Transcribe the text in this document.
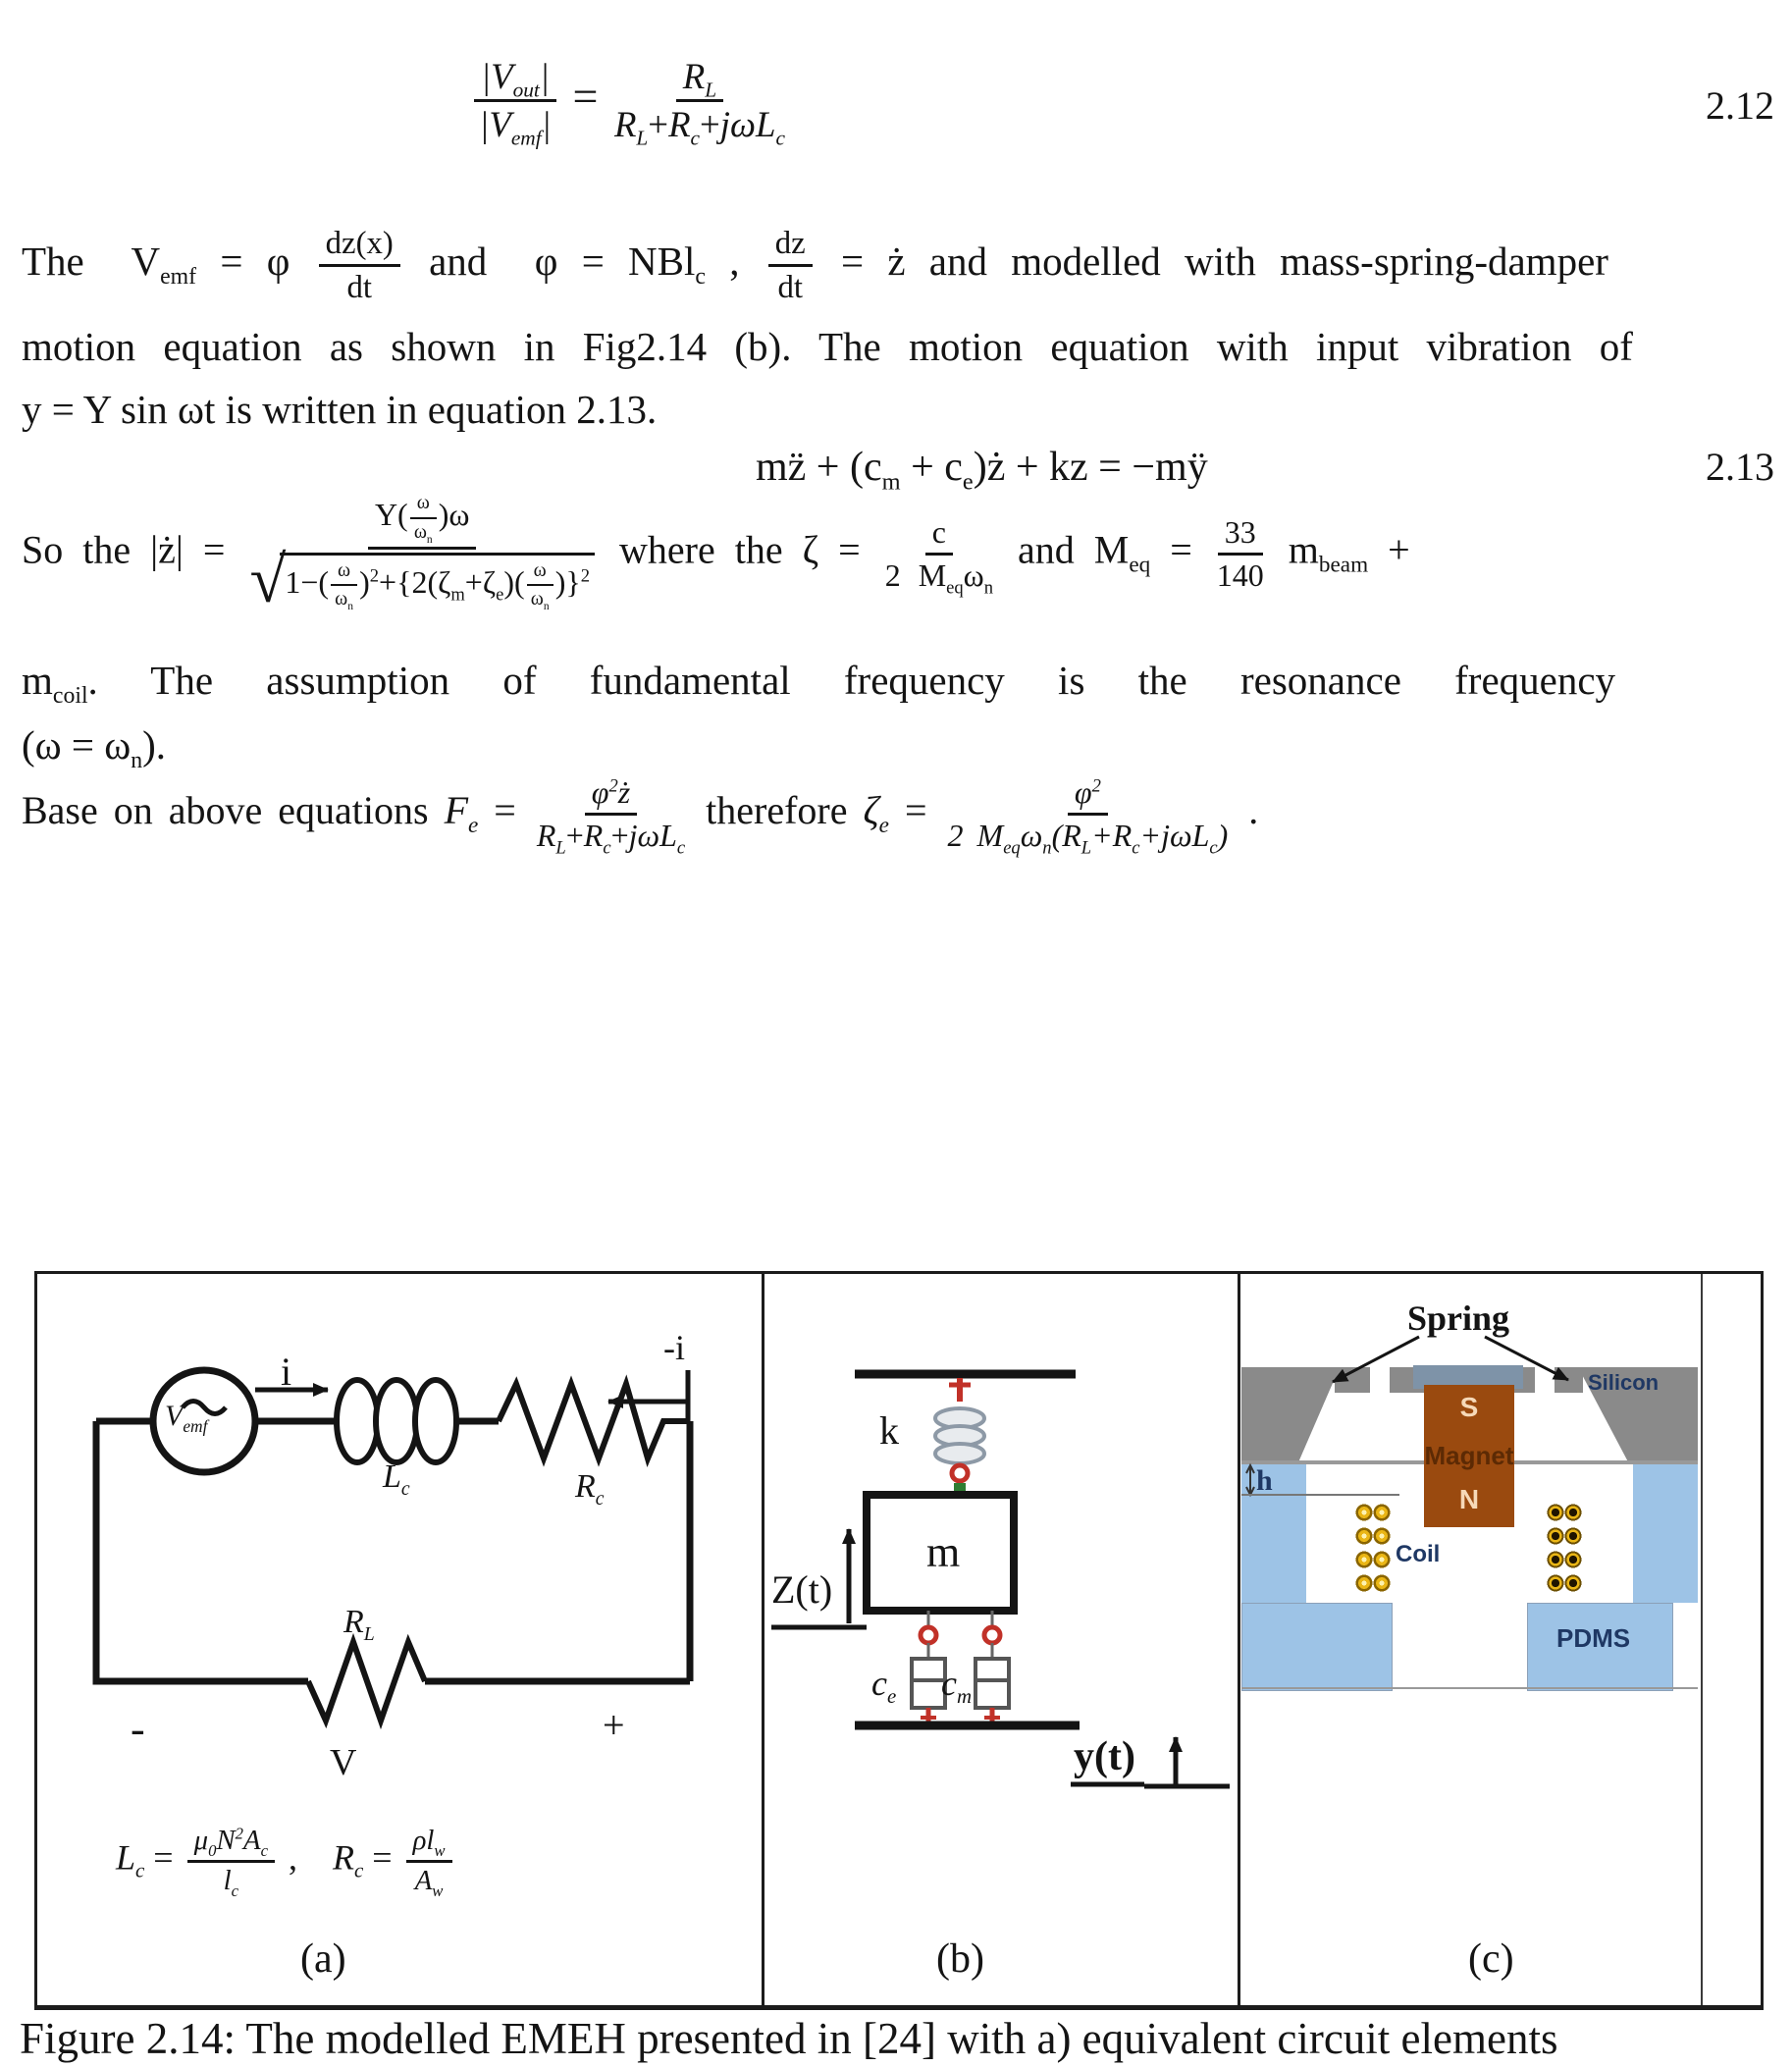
$\frac{|V_{out}|}{|V_{emf}|} = \frac{R_L}{R_L+R_c+j\omega L_c}$	2.12
The  $V_{emf} = \varphi \frac{dz(x)}{dt}$ and  φ = NBl$_c$ , $\frac{dz}{dt}$ = ż and modelled with mass-spring-damper
motion equation as shown in Fig2.14 (b). The motion equation with input vibration of
y = Y sin ωt is written in equation 2.13.
mz̈ + ($c_m$ + $c_e)ż$ + kz = −mÿ	2.13
So the |ż| = $\frac{Y( \frac{\omega}{\omega_n} )\omega}{√ 1-( \frac{\omega}{\omega_n} )^2+\{2(\zeta_m+\zeta_e)( \frac{\omega}{\omega_n} )\}^2}$ where the $\zeta = \frac{c}{2 M_{eq}\omega_n}$ and $M_{eq} = \frac{33}{140} m_{beam}$ +
$m_{coil}$. The assumption of fundamental frequency is the resonance frequency
$(\omega = \omega_n)$.
Base on above equations $F_e = \frac{\varphi^2ż}{R_L+R_c+j\omega L_c}$ therefore $\zeta_e = \frac{\varphi^2}{2 M_{eq}\omega_n(R_L+R_c+j\omega L_c)}$ .
i
-i
$V_{emf}$
$L_c$	$R_c$
$R_L$
-	+
V
$L_c = \frac{\mu_0N^2A_c}{l_c}$ ,    $R_c = \frac{\rho l_w}{A_w}$
(a)
k
m
Z(t)
$c_e$ $c_m$
y(t)
(b)
Spring
Silicon
h
S
Magnet
N
Coil
PDMS
(c)
Figure 2.14: The modelled EMEH presented in [24] with a) equivalent circuit elements
